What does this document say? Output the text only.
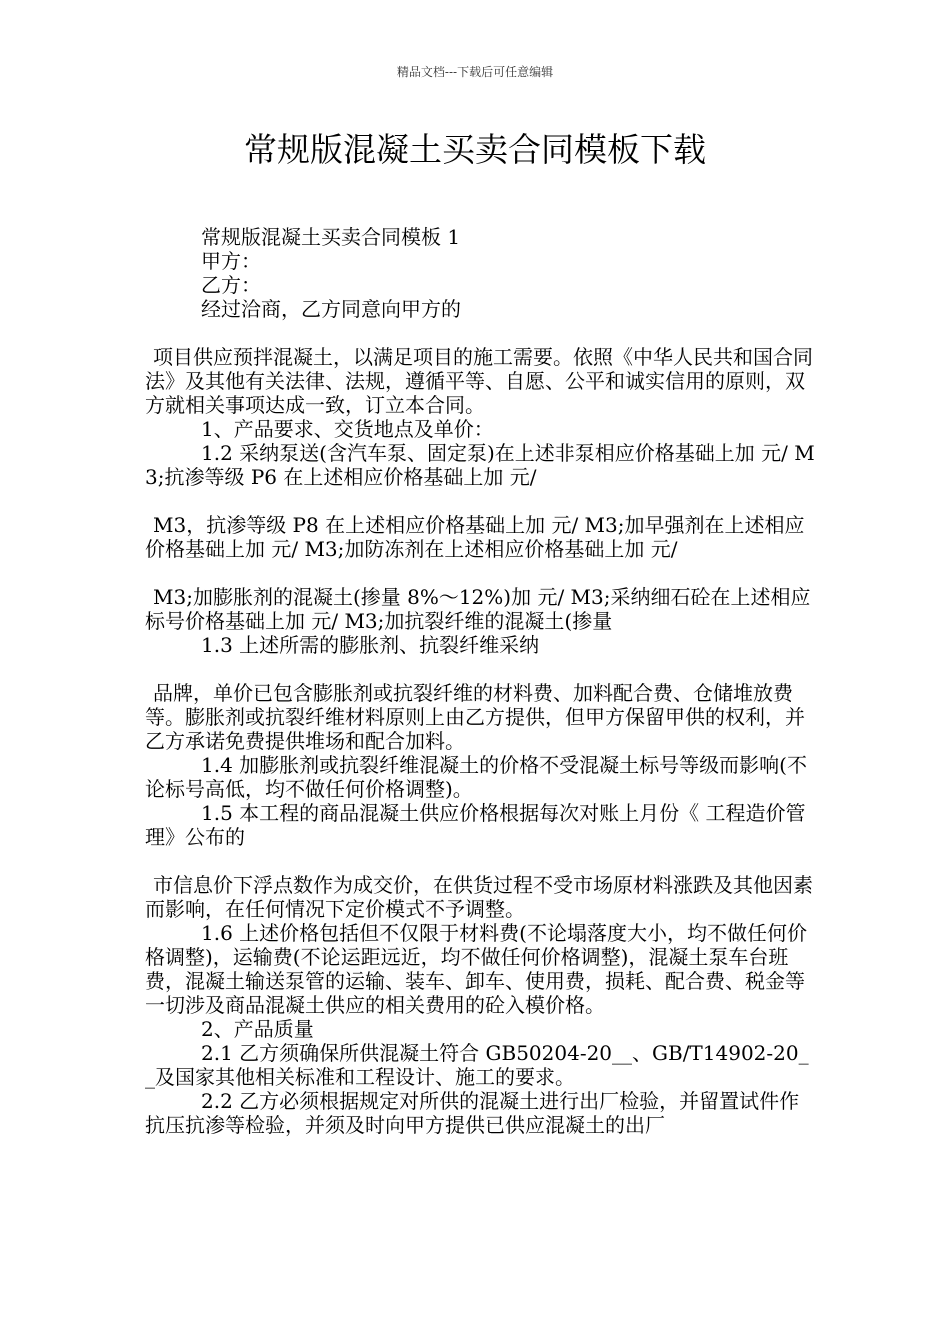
精品文档---下载后可任意编辑
常规版混凝土买卖合同模板下载

常规版混凝土买卖合同模板 1

甲方：

乙方：

经过洽商，乙方同意向甲方的

项目供应预拌混凝土，以满足项目的施工需要。依照《中华人民共和国合同法》及其他有关法律、法规，遵循平等、自愿、公平和诚实信用的原则，双方就相关事项达成一致，订立本合同。

1、产品要求、交货地点及单价：

1.2 采纳泵送(含汽车泵、固定泵)在上述非泵相应价格基础上加 元/ M3;抗渗等级 P6 在上述相应价格基础上加 元/

M3，抗渗等级 P8 在上述相应价格基础上加 元/ M3;加早强剂在上述相应价格基础上加 元/ M3;加防冻剂在上述相应价格基础上加 元/

M3;加膨胀剂的混凝土(掺量 8%～12%)加 元/ M3;采纳细石砼在上述相应标号价格基础上加 元/ M3;加抗裂纤维的混凝土(掺量

1.3 上述所需的膨胀剂、抗裂纤维采纳

品牌，单价已包含膨胀剂或抗裂纤维的材料费、加料配合费、仓储堆放费等。膨胀剂或抗裂纤维材料原则上由乙方提供，但甲方保留甲供的权利，并乙方承诺免费提供堆场和配合加料。

1.4 加膨胀剂或抗裂纤维混凝土的价格不受混凝土标号等级而影响(不论标号高低，均不做任何价格调整)。

1.5 本工程的商品混凝土供应价格根据每次对账上月份《 工程造价管理》公布的

市信息价下浮点数作为成交价，在供货过程不受市场原材料涨跌及其他因素而影响，在任何情况下定价模式不予调整。

1.6 上述价格包括但不仅限于材料费(不论塌落度大小，均不做任何价格调整)，运输费(不论运距远近，均不做任何价格调整)，混凝土泵车台班费，混凝土输送泵管的运输、装车、卸车、使用费，损耗、配合费、税金等一切涉及商品混凝土供应的相关费用的砼入模价格。

2、产品质量

2.1 乙方须确保所供混凝土符合 GB50204-20__、GB/T14902-20__及国家其他相关标准和工程设计、施工的要求。

2.2 乙方必须根据规定对所供的混凝土进行出厂检验，并留置试件作抗压抗渗等检验，并须及时向甲方提供已供应混凝土的出厂
